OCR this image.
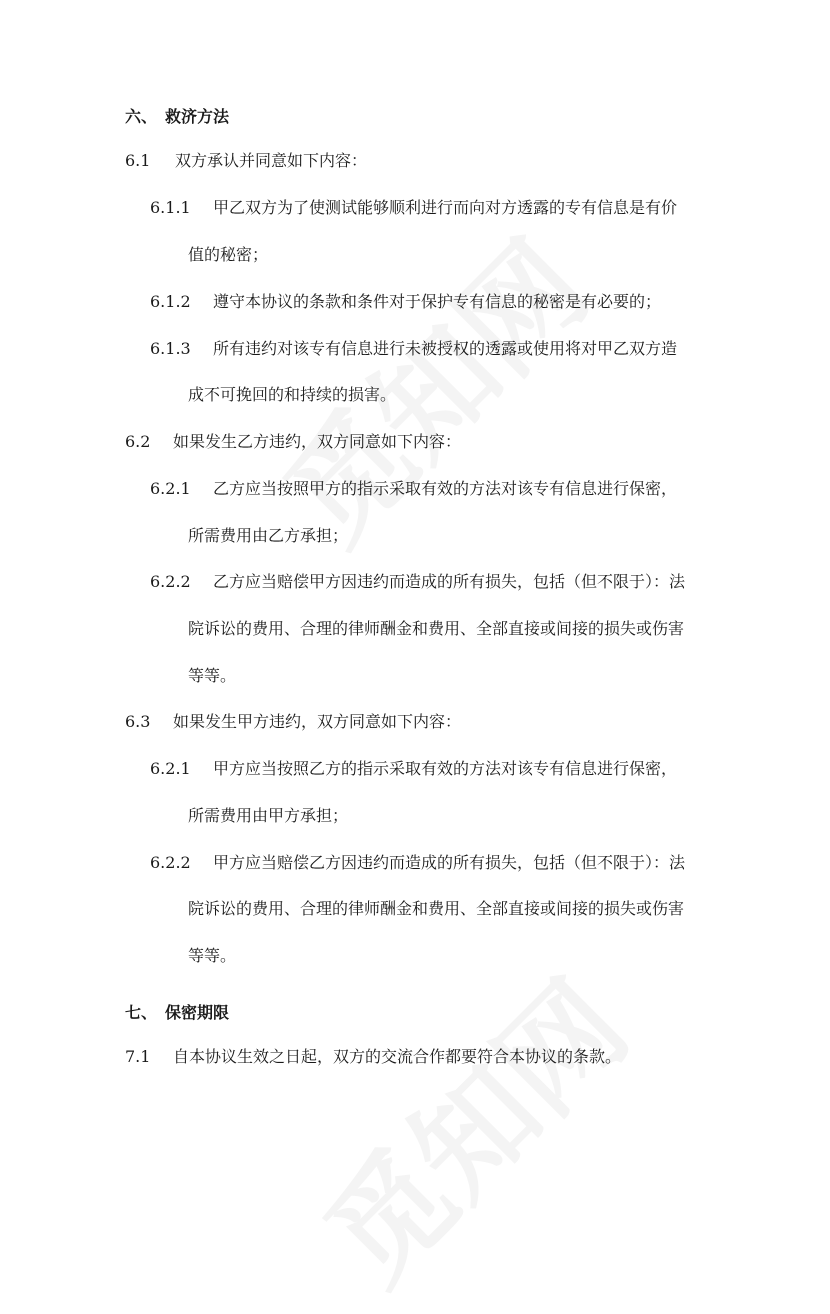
六、 救济方法
6.1 双方承认并同意如下内容：
6.1.1 甲乙双方为了使测试能够顺利进行而向对方透露的专有信息是有价
值的秘密；
6.1.2 遵守本协议的条款和条件对于保护专有信息的秘密是有必要的；
6.1.3 所有违约对该专有信息进行未被授权的透露或使用将对甲乙双方造
成不可挽回的和持续的损害。
6.2 如果发生乙方违约，双方同意如下内容：
6.2.1 乙方应当按照甲方的指示采取有效的方法对该专有信息进行保密，
所需费用由乙方承担；
6.2.2 乙方应当赔偿甲方因违约而造成的所有损失，包括（但不限于）：法
院诉讼的费用、合理的律师酬金和费用、全部直接或间接的损失或伤害
等等。
6.3 如果发生甲方违约，双方同意如下内容：
6.2.1 甲方应当按照乙方的指示采取有效的方法对该专有信息进行保密，
所需费用由甲方承担；
6.2.2 甲方应当赔偿乙方因违约而造成的所有损失，包括（但不限于）：法
院诉讼的费用、合理的律师酬金和费用、全部直接或间接的损失或伤害
等等。
七、 保密期限
7.1 自本协议生效之日起，双方的交流合作都要符合本协议的条款。
